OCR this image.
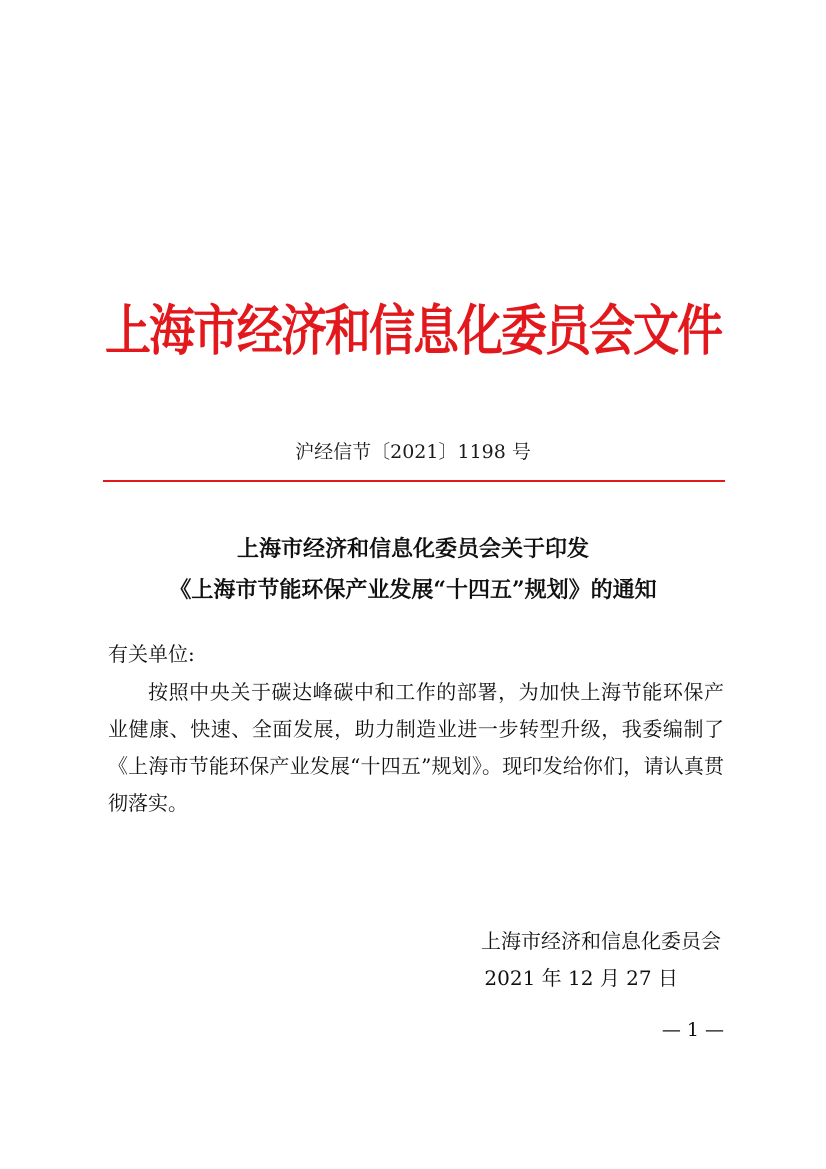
上海市经济和信息化委员会文件
沪经信节〔2021〕1198 号
上海市经济和信息化委员会关于印发
《上海市节能环保产业发展“十四五”规划》的通知
有关单位:
按照中央关于碳达峰碳中和工作的部署，为加快上海节能环保产业健康、快速、全面发展，助力制造业进一步转型升级，我委编制了《上海市节能环保产业发展“十四五”规划》。现印发给你们，请认真贯彻落实。
上海市经济和信息化委员会
2021 年 12 月 27 日
— 1 —
